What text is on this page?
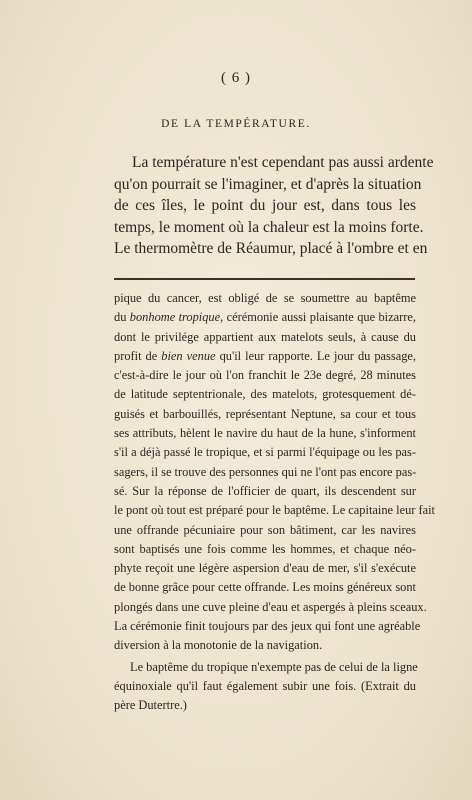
( 6 )
DE LA TEMPÉRATURE.
La température n'est cependant pas aussi ardente
qu'on pourrait se l'imaginer, et d'après la situation
de ces îles, le point du jour est, dans tous les
temps, le moment où la chaleur est la moins forte.
Le thermomètre de Réaumur, placé à l'ombre et en
pique du cancer, est obligé de se soumettre au baptême
du bonhome tropique, cérémonie aussi plaisante que bizarre,
dont le privilége appartient aux matelots seuls, à cause du
profit de bien venue qu'il leur rapporte. Le jour du passage,
c'est-à-dire le jour où l'on franchit le 23e degré, 28 minutes
de latitude septentrionale, des matelots, grotesquement dé-
guisés et barbouillés, représentant Neptune, sa cour et tous
ses attributs, hèlent le navire du haut de la hune, s'informent
s'il a déjà passé le tropique, et si parmi l'équipage ou les pas-
sagers, il se trouve des personnes qui ne l'ont pas encore pas-
sé. Sur la réponse de l'officier de quart, ils descendent sur
le pont où tout est préparé pour le baptême. Le capitaine leur fait
une offrande pécuniaire pour son bâtiment, car les navires
sont baptisés une fois comme les hommes, et chaque néo-
phyte reçoit une légère aspersion d'eau de mer, s'il s'exécute
de bonne grâce pour cette offrande. Les moins généreux sont
plongés dans une cuve pleine d'eau et aspergés à pleins sceaux.
La cérémonie finit toujours par des jeux qui font une agréable
diversion à la monotonie de la navigation.
Le baptême du tropique n'exempte pas de celui de la ligne
équinoxiale qu'il faut également subir une fois. (Extrait du
père Dutertre.)
